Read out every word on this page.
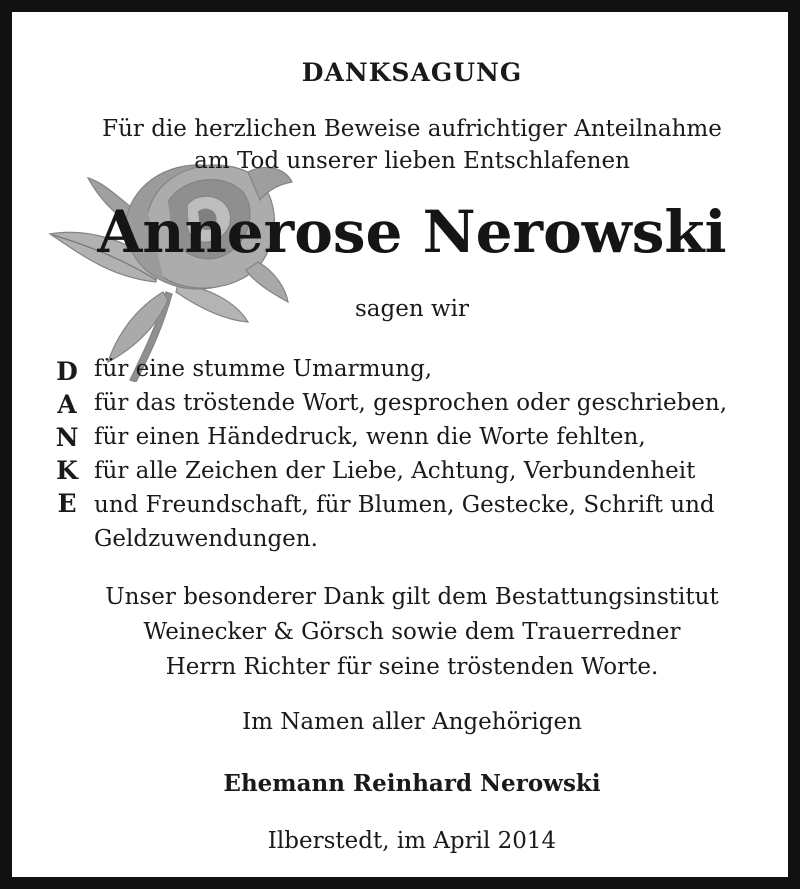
DANKSAGUNG
Für die herzlichen Beweise aufrichtiger Anteilnahme
am Tod unserer lieben Entschlafenen
Annerose Nerowski
sagen wir
D
A
N
K
E
für eine stumme Umarmung,
für das tröstende Wort, gesprochen oder geschrieben,
für einen Händedruck, wenn die Worte fehlten,
für alle Zeichen der Liebe, Achtung, Verbundenheit
und Freundschaft, für Blumen, Gestecke, Schrift und
Geldzuwendungen.
Unser besonderer Dank gilt dem Bestattungsinstitut
Weinecker & Görsch sowie dem Trauerredner
Herrn Richter für seine tröstenden Worte.
Im Namen aller Angehörigen
Ehemann Reinhard Nerowski
Ilberstedt, im April 2014
